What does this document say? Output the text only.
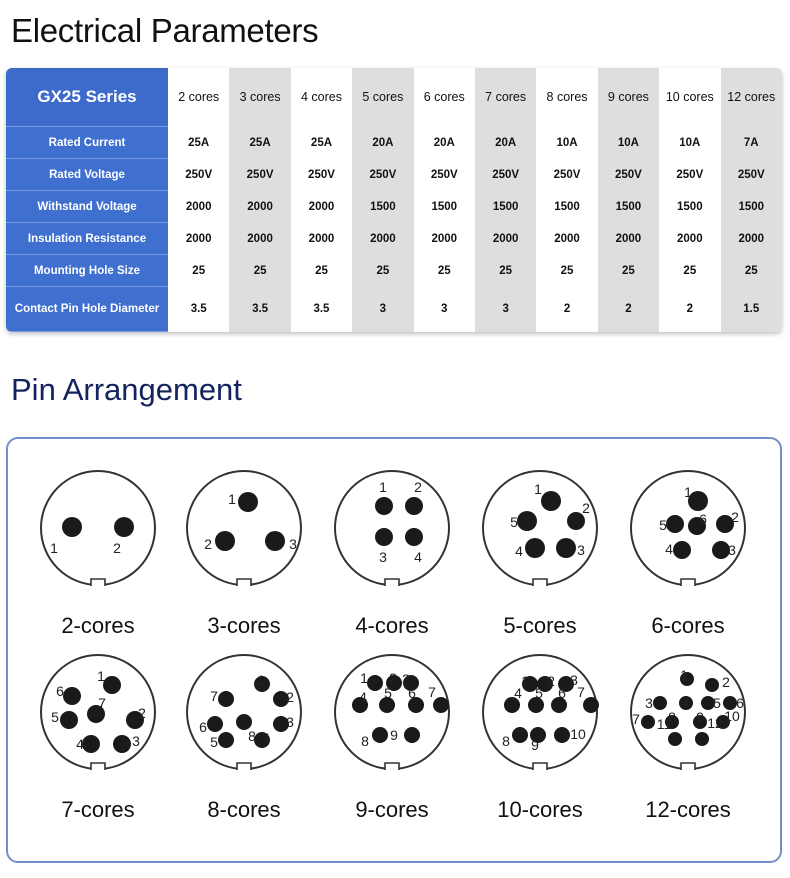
Electrical Parameters
GX25 Series	2 cores	3 cores	4 cores	5 cores	6 cores	7 cores	8 cores	9 cores	10 cores	12 cores
Rated Current	25A	25A	25A	20A	20A	20A	10A	10A	10A	7A
Rated Voltage	250V	250V	250V	250V	250V	250V	250V	250V	250V	250V
Withstand Voltage	2000	2000	2000	1500	1500	1500	1500	1500	1500	1500
Insulation Resistance	2000	2000	2000	2000	2000	2000	2000	2000	2000	2000
Mounting Hole Size	25	25	25	25	25	25	25	25	25	25
Contact Pin Hole Diameter	3.5	3.5	3.5	3	3	3	2	2	2	1.5
Pin Arrangement
1	2
2-cores
1
2	3
3-cores
1 2
3 4
4-cores
1
2
3
4
5
5-cores
1
2
3
4
5 6
6-cores
1
2
3
4
5
6
7
7-cores
1
2
3
4
5
6
7
8
8-cores
1 2 3
4 5 6 7
8 9
9-cores
1 2 3
4 5 6 7
8 9
10
10-cores
1 2
3 4 5 6
7 8 9 10
11	12
12-cores
